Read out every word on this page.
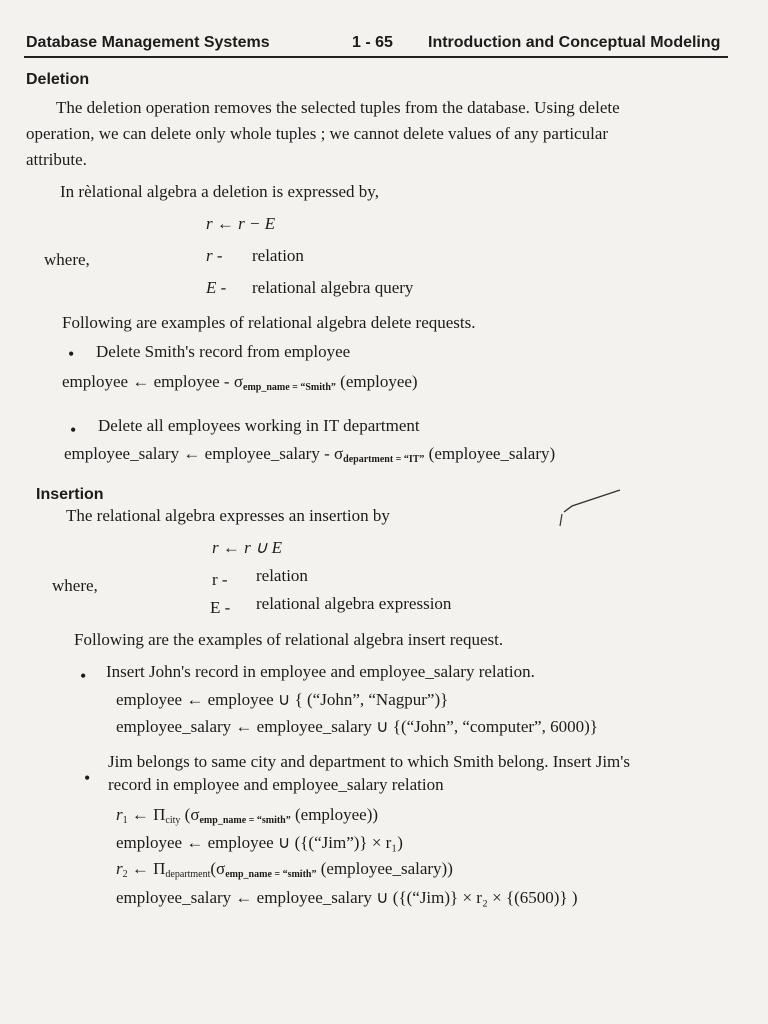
Database Management Systems	1 - 65 Introduction and Conceptual Modeling
Deletion
The deletion operation removes the selected tuples from the database. Using delete
operation, we can delete only whole tuples ; we cannot delete values of any particular
attribute.
In rèlational algebra a deletion is expressed by,
r ← r − E
where,	r - relation
E - relational algebra query
Following are examples of relational algebra delete requests.
• Delete Smith's record from employee
employee ← employee - $\sigma_{emp\_name = “Smith”}$ (employee)
• Delete all employees working in IT department
employee_salary ← employee_salary - $\sigma_{department = “IT”}$ (employee_salary)
Insertion
The relational algebra expresses an insertion by
r ← r ∪ E
where,	r - relation
E - relational algebra expression
Following are the examples of relational algebra insert request.
• Insert John's record in employee and employee_salary relation.
employee ← employee ∪ { (“John”, “Nagpur”)}
employee_salary ← employee_salary ∪ {(“John”, “computer”, 6000)}
•
Jim belongs to same city and department to which Smith belong. Insert Jim's
record in employee and employee_salary relation
$r_1$ ← $\Pi_{city}$ ($\sigma_{emp\_name = “smith”}$ (employee))
employee ← employee ∪ ({(“Jim”)} × r₁)
$r_2$ ← $\Pi_{department}(\sigma_{emp\_name = “smith”}$ (employee_salary))
employee_salary ← employee_salary ∪ ({(“Jim)} × r₂ × {(6500)} )
